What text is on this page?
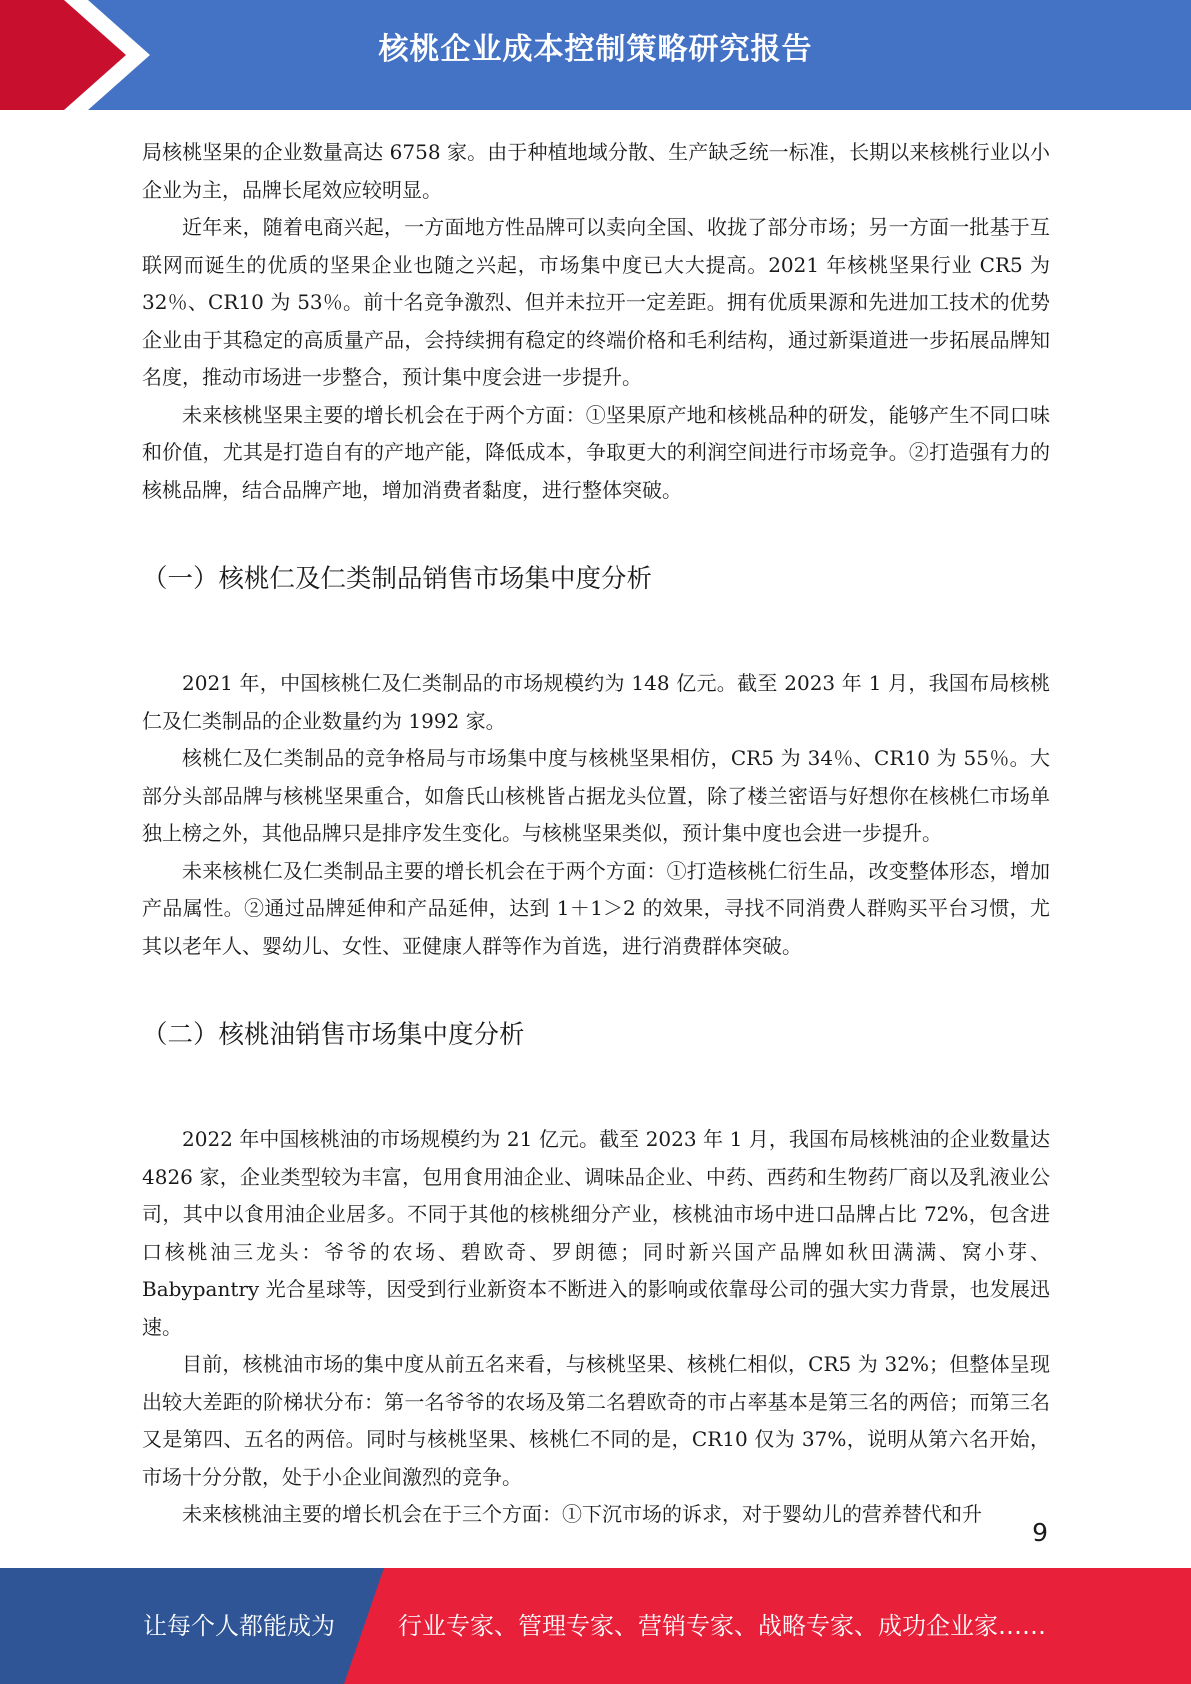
核桃企业成本控制策略研究报告

局核桃坚果的企业数量高达 6758 家。由于种植地域分散、生产缺乏统一标准，长期以来核桃行业以小企业为主，品牌长尾效应较明显。

近年来，随着电商兴起，一方面地方性品牌可以卖向全国、收拢了部分市场；另一方面一批基于互联网而诞生的优质的坚果企业也随之兴起，市场集中度已大大提高。2021 年核桃坚果行业 CR5 为 32％、CR10 为 53％。前十名竞争激烈、但并未拉开一定差距。拥有优质果源和先进加工技术的优势企业由于其稳定的高质量产品，会持续拥有稳定的终端价格和毛利结构，通过新渠道进一步拓展品牌知名度，推动市场进一步整合，预计集中度会进一步提升。

未来核桃坚果主要的增长机会在于两个方面：①坚果原产地和核桃品种的研发，能够产生不同口味和价值，尤其是打造自有的产地产能，降低成本，争取更大的利润空间进行市场竞争。②打造强有力的核桃品牌，结合品牌产地，增加消费者黏度，进行整体突破。

（一）核桃仁及仁类制品销售市场集中度分析

2021 年，中国核桃仁及仁类制品的市场规模约为 148 亿元。截至 2023 年 1 月，我国布局核桃仁及仁类制品的企业数量约为 1992 家。

核桃仁及仁类制品的竞争格局与市场集中度与核桃坚果相仿，CR5 为 34％、CR10 为 55％。大部分头部品牌与核桃坚果重合，如詹氏山核桃皆占据龙头位置，除了楼兰密语与好想你在核桃仁市场单独上榜之外，其他品牌只是排序发生变化。与核桃坚果类似，预计集中度也会进一步提升。

未来核桃仁及仁类制品主要的增长机会在于两个方面：①打造核桃仁衍生品，改变整体形态，增加产品属性。②通过品牌延伸和产品延伸，达到 1＋1＞2 的效果，寻找不同消费人群购买平台习惯，尤其以老年人、婴幼儿、女性、亚健康人群等作为首选，进行消费群体突破。

（二）核桃油销售市场集中度分析

2022 年中国核桃油的市场规模约为 21 亿元。截至 2023 年 1 月，我国布局核桃油的企业数量达 4826 家，企业类型较为丰富，包用食用油企业、调味品企业、中药、西药和生物药厂商以及乳液业公司，其中以食用油企业居多。不同于其他的核桃细分产业，核桃油市场中进口品牌占比 72%，包含进口核桃油三龙头：爷爷的农场、碧欧奇、罗朗德；同时新兴国产品牌如秋田满满、窝小芽、Babypantry 光合星球等，因受到行业新资本不断进入的影响或依靠母公司的强大实力背景，也发展迅速。

目前，核桃油市场的集中度从前五名来看，与核桃坚果、核桃仁相似，CR5 为 32%；但整体呈现出较大差距的阶梯状分布：第一名爷爷的农场及第二名碧欧奇的市占率基本是第三名的两倍；而第三名又是第四、五名的两倍。同时与核桃坚果、核桃仁不同的是，CR10 仅为 37%，说明从第六名开始，市场十分分散，处于小企业间激烈的竞争。

未来核桃油主要的增长机会在于三个方面：①下沉市场的诉求，对于婴幼儿的营养替代和升

9
让每个人都能成为	行业专家、管理专家、营销专家、战略专家、成功企业家……
